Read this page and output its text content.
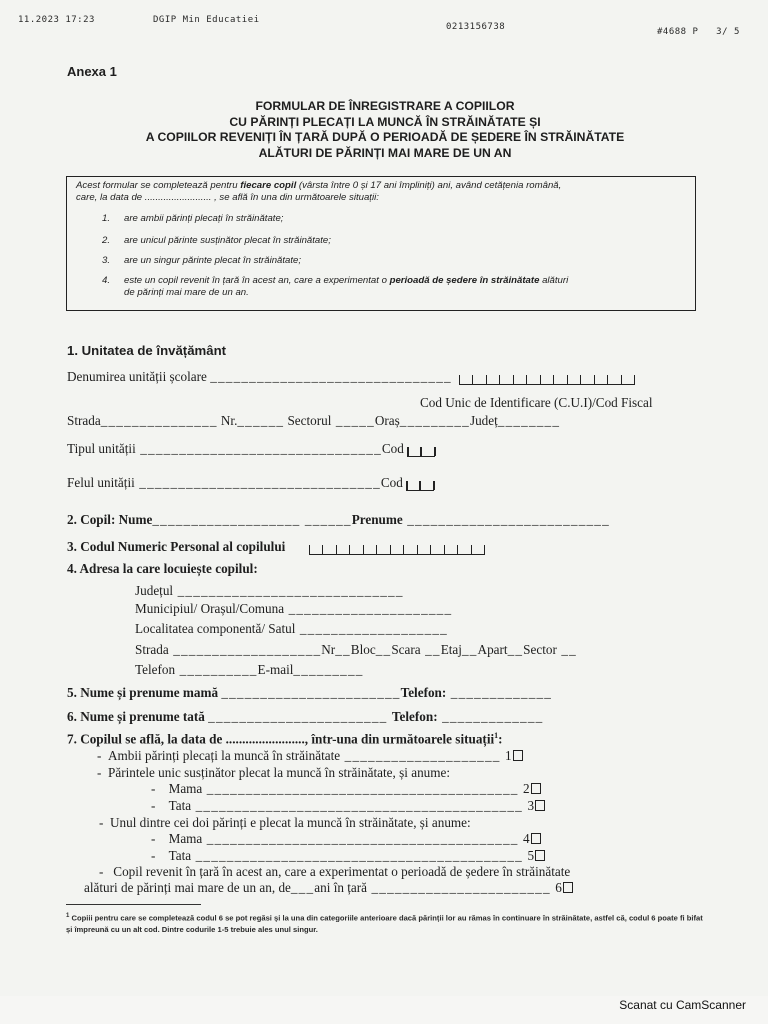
11.2023 17:23	DGIP Min Educatiei
0213156738	#4688 P   3/ 5
Anexa 1
FORMULAR DE ÎNREGISTRARE A COPIILOR
CU PĂRINȚI PLECAȚI LA MUNCĂ ÎN STRĂINĂTATE ȘI
A COPIILOR REVENIȚI ÎN ȚARĂ DUPĂ O PERIOADĂ DE ȘEDERE ÎN STRĂINĂTATE
ALĂTURI DE PĂRINȚI MAI MARE DE UN AN
Acest formular se completează pentru fiecare copil (vârsta între 0 și 17 ani împliniți) ani, având cetățenia română,
care, la data de ......................... , se află în una din următoarele situații:
1. are ambii părinți plecați în străinătate;
2. are unicul părinte susținător plecat în străinătate;
3. are un singur părinte plecat în străinătate;
4. este un copil revenit în țară în acest an, care a experimentat o perioadă de ședere în străinătate alături
de părinți mai mare de un an.
1. Unitatea de învățământ
Denumirea unității școlare _______________________________
Cod Unic de Identificare (C.U.I)/Cod Fiscal
Strada_______________ Nr.______ Sectorul _____Oraș_________Județ________
Tipul unității _______________________________Cod
Felul unității _______________________________Cod
2. Copil: Nume___________________ ______Prenume __________________________
3. Codul Numeric Personal al copilului
4. Adresa la care locuiește copilul:
Județul _____________________________
Municipiul/ Orașul/Comuna _____________________
Localitatea componentă/ Satul ___________________
Strada ___________________Nr__Bloc__Scara __Etaj__Apart__Sector __
Telefon __________E-mail_________
5. Nume și prenume mamă _______________________Telefon: _____________
6. Nume și prenume tată _______________________ Telefon: _____________
7. Copilul se află, la data de ........................, într-una din următoarele situații$^1$:
-  Ambii părinți plecați la muncă în străinătate ____________________ 1
-  Părintele unic susținător plecat la muncă în străinătate, și anume:
-    Mama ________________________________________ 2
-    Tata __________________________________________ 3
-  Unul dintre cei doi părinți e plecat la muncă în străinătate, și anume:
-    Mama ________________________________________ 4
-    Tata __________________________________________ 5
-   Copil revenit în țară în acest an, care a experimentat o perioadă de ședere în străinătate
alături de părinți mai mare de un an, de___ani în țară _______________________ 6
$^1$ Copiii pentru care se completează codul 6 se pot regăsi și la una din categoriile anterioare dacă părinții lor au rămas în continuare în străinătate, astfel că, codul 6 poate fi bifat și împreună cu un alt cod. Dintre codurile 1-5 trebuie ales unul singur.
Scanat cu CamScanner
